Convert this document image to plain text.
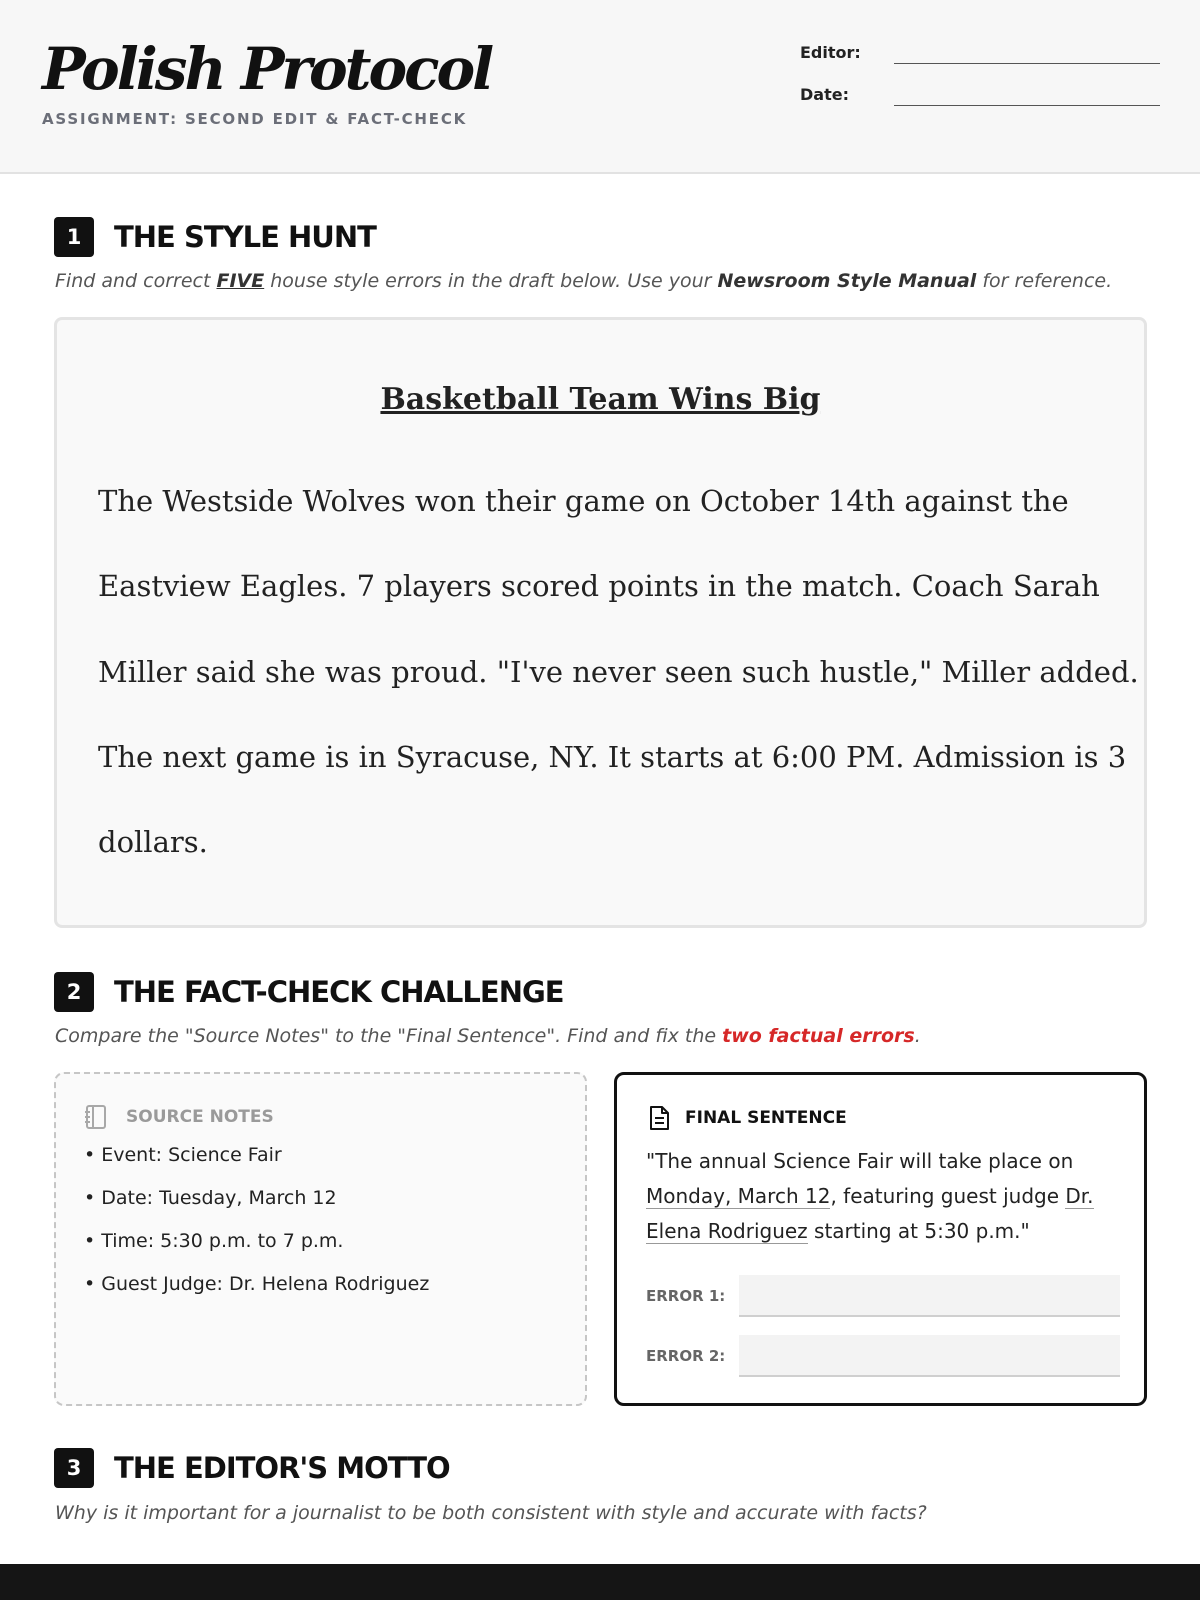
Polish Protocol
ASSIGNMENT: SECOND EDIT & FACT-CHECK
Editor:
Date:
1	THE STYLE HUNT
Find and correct FIVE house style errors in the draft below. Use your Newsroom Style Manual for reference.
Basketball Team Wins Big
The Westside Wolves won their game on October 14th against the
Eastview Eagles. 7 players scored points in the match. Coach Sarah
Miller said she was proud. "I've never seen such hustle," Miller added.
The next game is in Syracuse, NY. It starts at 6:00 PM. Admission is 3
dollars.
2	THE FACT-CHECK CHALLENGE
Compare the "Source Notes" to the "Final Sentence". Find and fix the two factual errors.
SOURCE NOTES
• Event: Science Fair
• Date: Tuesday, March 12
• Time: 5:30 p.m. to 7 p.m.
• Guest Judge: Dr. Helena Rodriguez
FINAL SENTENCE
"The annual Science Fair will take place on
Monday, March 12, featuring guest judge Dr.
Elena Rodriguez starting at 5:30 p.m."
ERROR 1:
ERROR 2:
3	THE EDITOR'S MOTTO
Why is it important for a journalist to be both consistent with style and accurate with facts?
